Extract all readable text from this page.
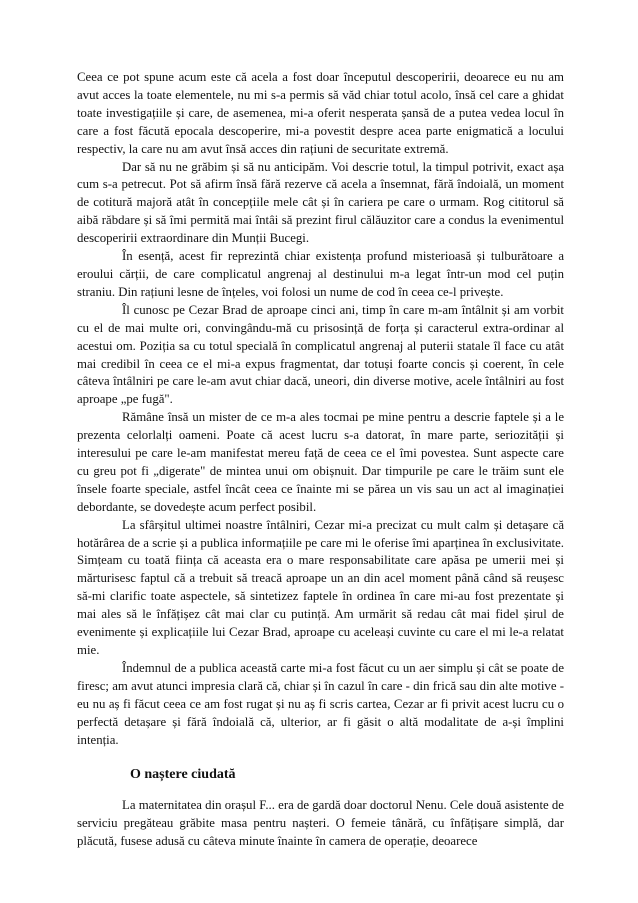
Ceea ce pot spune acum este că acela a fost doar începutul descoperirii, deoarece eu nu am avut acces la toate elementele, nu mi s-a permis să văd chiar totul acolo, însă cel care a ghidat toate investigațiile și care, de asemenea, mi-a oferit nesperata șansă de a putea vedea locul în care a fost făcută epocala descoperire, mi-a povestit despre acea parte enigmatică a locului respectiv, la care nu am avut însă acces din rațiuni de securitate extremă.

Dar să nu ne grăbim și să nu anticipăm. Voi descrie totul, la timpul potrivit, exact așa cum s-a petrecut. Pot să afirm însă fără rezerve că acela a însemnat, fără îndoială, un moment de cotitură majoră atât în concepțiile mele cât și în cariera pe care o urmam. Rog cititorul să aibă răbdare și să îmi permită mai întâi să prezint firul călăuzitor care a condus la evenimentul descoperirii extraordinare din Munții Bucegi.

În esență, acest fir reprezintă chiar existența profund misterioasă și tulburătoare a eroului cărții, de care complicatul angrenaj al destinului m-a legat într-un mod cel puțin straniu. Din rațiuni lesne de înțeles, voi folosi un nume de cod în ceea ce-l privește.

Îl cunosc pe Cezar Brad de aproape cinci ani, timp în care m-am întâlnit și am vorbit cu el de mai multe ori, convingându-mă cu prisosință de forța și caracterul extra-ordinar al acestui om. Poziția sa cu totul specială în complicatul angrenaj al puterii statale îl face cu atât mai credibil în ceea ce el mi-a expus fragmentat, dar totuși foarte concis și coerent, în cele câteva întâlniri pe care le-am avut chiar dacă, uneori, din diverse motive, acele întâlniri au fost aproape „pe fugă".

Rămâne însă un mister de ce m-a ales tocmai pe mine pentru a descrie faptele și a le prezenta celorlalți oameni. Poate că acest lucru s-a datorat, în mare parte, seriozității și interesului pe care le-am manifestat mereu față de ceea ce el îmi povestea. Sunt aspecte care cu greu pot fi „digerate" de mintea unui om obișnuit. Dar timpurile pe care le trăim sunt ele însele foarte speciale, astfel încât ceea ce înainte mi se părea un vis sau un act al imaginației debordante, se dovedește acum perfect posibil.

La sfârșitul ultimei noastre întâlniri, Cezar mi-a precizat cu mult calm și detașare că hotărârea de a scrie și a publica informațiile pe care mi le oferise îmi aparținea în exclusivitate. Simțeam cu toată ființa că aceasta era o mare responsabilitate care apăsa pe umerii mei și mărturisesc faptul că a trebuit să treacă aproape un an din acel moment până când să reușesc să-mi clarific toate aspectele, să sintetizez faptele în ordinea în care mi-au fost prezentate și mai ales să le înfățișez cât mai clar cu putință. Am urmărit să redau cât mai fidel șirul de evenimente și explicațiile lui Cezar Brad, aproape cu aceleași cuvinte cu care el mi le-a relatat mie.

Îndemnul de a publica această carte mi-a fost făcut cu un aer simplu și cât se poate de firesc; am avut atunci impresia clară că, chiar și în cazul în care - din frică sau din alte motive - eu nu aș fi făcut ceea ce am fost rugat și nu aș fi scris cartea, Cezar ar fi privit acest lucru cu o perfectă detașare și fără îndoială că, ulterior, ar fi găsit o altă modalitate de a-și împlini intenția.

O naștere ciudată

La maternitatea din orașul F... era de gardă doar doctorul Nenu. Cele două asistente de serviciu pregăteau grăbite masa pentru nașteri. O femeie tânără, cu înfățișare simplă, dar plăcută, fusese adusă cu câteva minute înainte în camera de operație, deoarece
